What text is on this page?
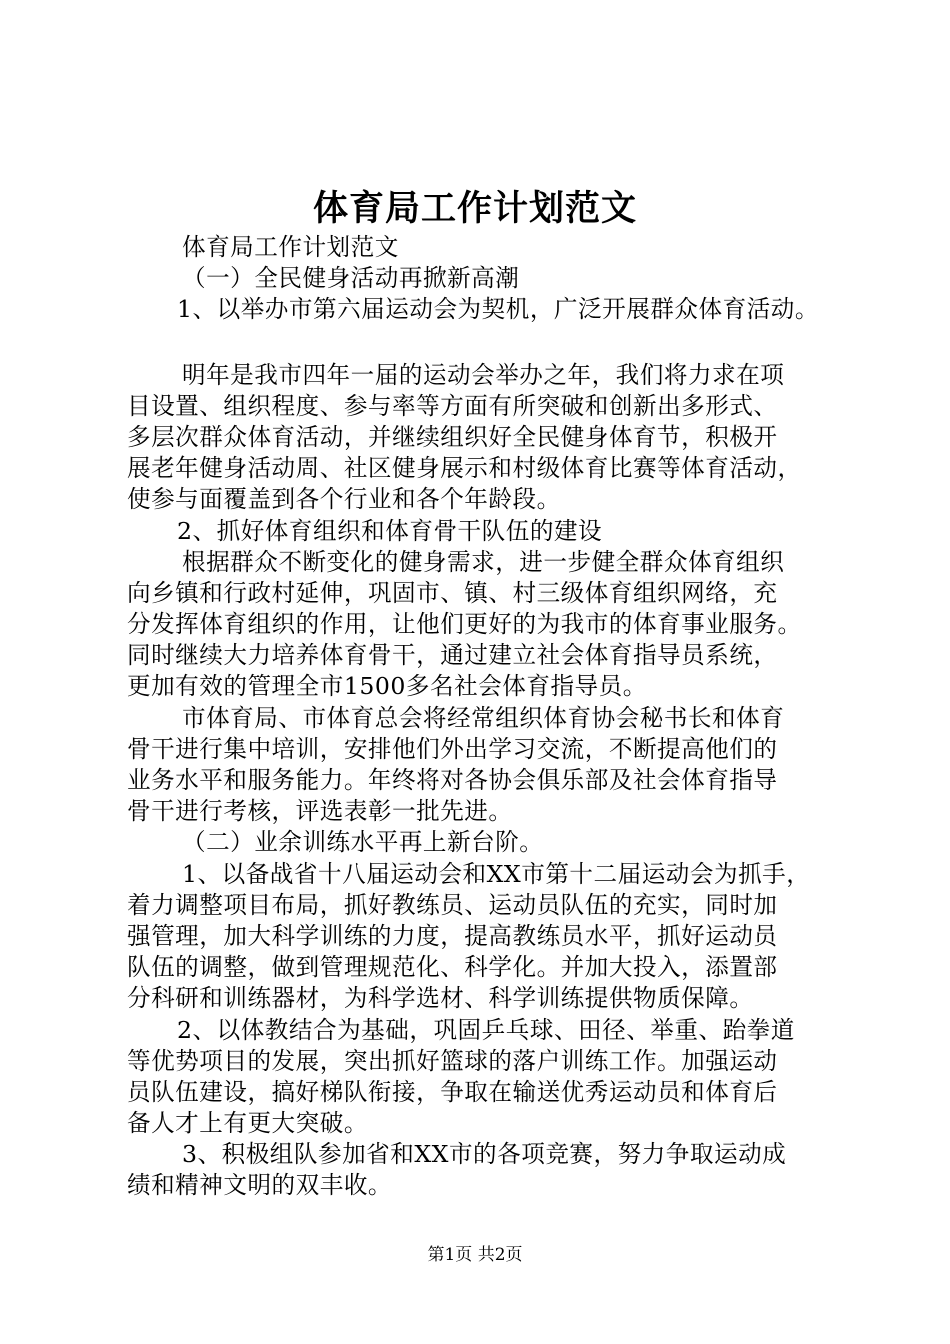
体育局工作计划范文
体育局工作计划范文
（一）全民健身活动再掀新高潮
1、以举办市第六届运动会为契机，广泛开展群众体育活动。
明年是我市四年一届的运动会举办之年，我们将力求在项
目设置、组织程度、参与率等方面有所突破和创新出多形式、
多层次群众体育活动，并继续组织好全民健身体育节，积极开
展老年健身活动周、社区健身展示和村级体育比赛等体育活动，
使参与面覆盖到各个行业和各个年龄段。
2、抓好体育组织和体育骨干队伍的建设
根据群众不断变化的健身需求，进一步健全群众体育组织
向乡镇和行政村延伸，巩固市、镇、村三级体育组织网络，充
分发挥体育组织的作用，让他们更好的为我市的体育事业服务。
同时继续大力培养体育骨干，通过建立社会体育指导员系统，
更加有效的管理全市1500多名社会体育指导员。
市体育局、市体育总会将经常组织体育协会秘书长和体育
骨干进行集中培训，安排他们外出学习交流，不断提高他们的
业务水平和服务能力。年终将对各协会俱乐部及社会体育指导
骨干进行考核，评选表彰一批先进。
（二）业余训练水平再上新台阶。
1、以备战省十八届运动会和XX市第十二届运动会为抓手，
着力调整项目布局，抓好教练员、运动员队伍的充实，同时加
强管理，加大科学训练的力度，提高教练员水平，抓好运动员
队伍的调整，做到管理规范化、科学化。并加大投入，添置部
分科研和训练器材，为科学选材、科学训练提供物质保障。
2、以体教结合为基础，巩固乒乓球、田径、举重、跆拳道
等优势项目的发展，突出抓好篮球的落户训练工作。加强运动
员队伍建设，搞好梯队衔接，争取在输送优秀运动员和体育后
备人才上有更大突破。
3、积极组队参加省和XX市的各项竞赛，努力争取运动成
绩和精神文明的双丰收。
第1页 共2页
